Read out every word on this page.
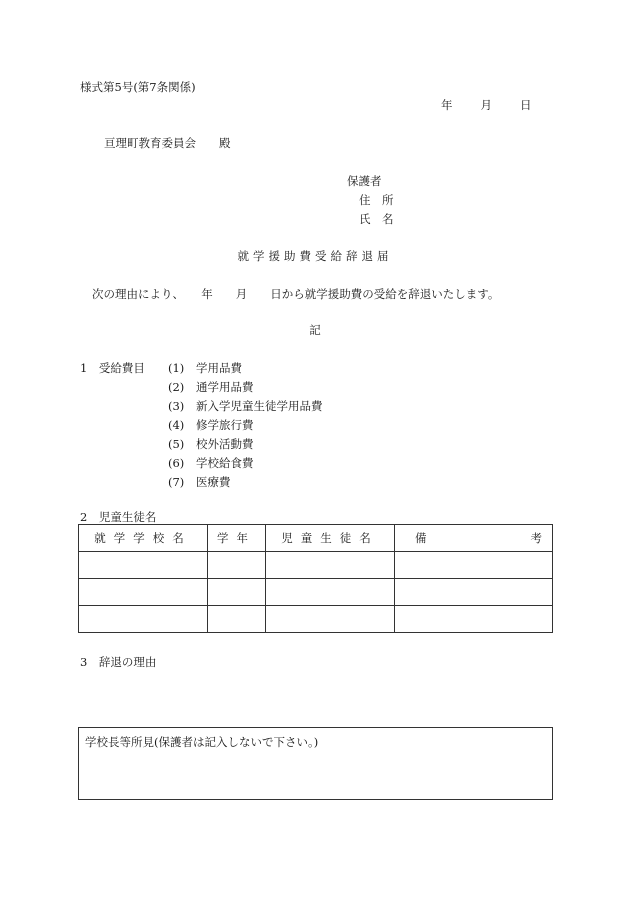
様式第5号(第7条関係)
年 月 日
亘理町教育委員会　　殿
保護者
住　所
氏　名
就学援助費受給辞退届
次の理由により、　　年　　月　　日から就学援助費の受給を辞退いたします。
記
1　受給費目 (1) 学用品費
(2) 通学用品費
(3) 新入学児童生徒学用品費
(4) 修学旅行費
(5) 校外活動費
(6) 学校給食費
(7) 医療費
2　児童生徒名
就学学校名	学年	児童生徒名	備 考

3　辞退の理由
学校長等所見(保護者は記入しないで下さい。)
